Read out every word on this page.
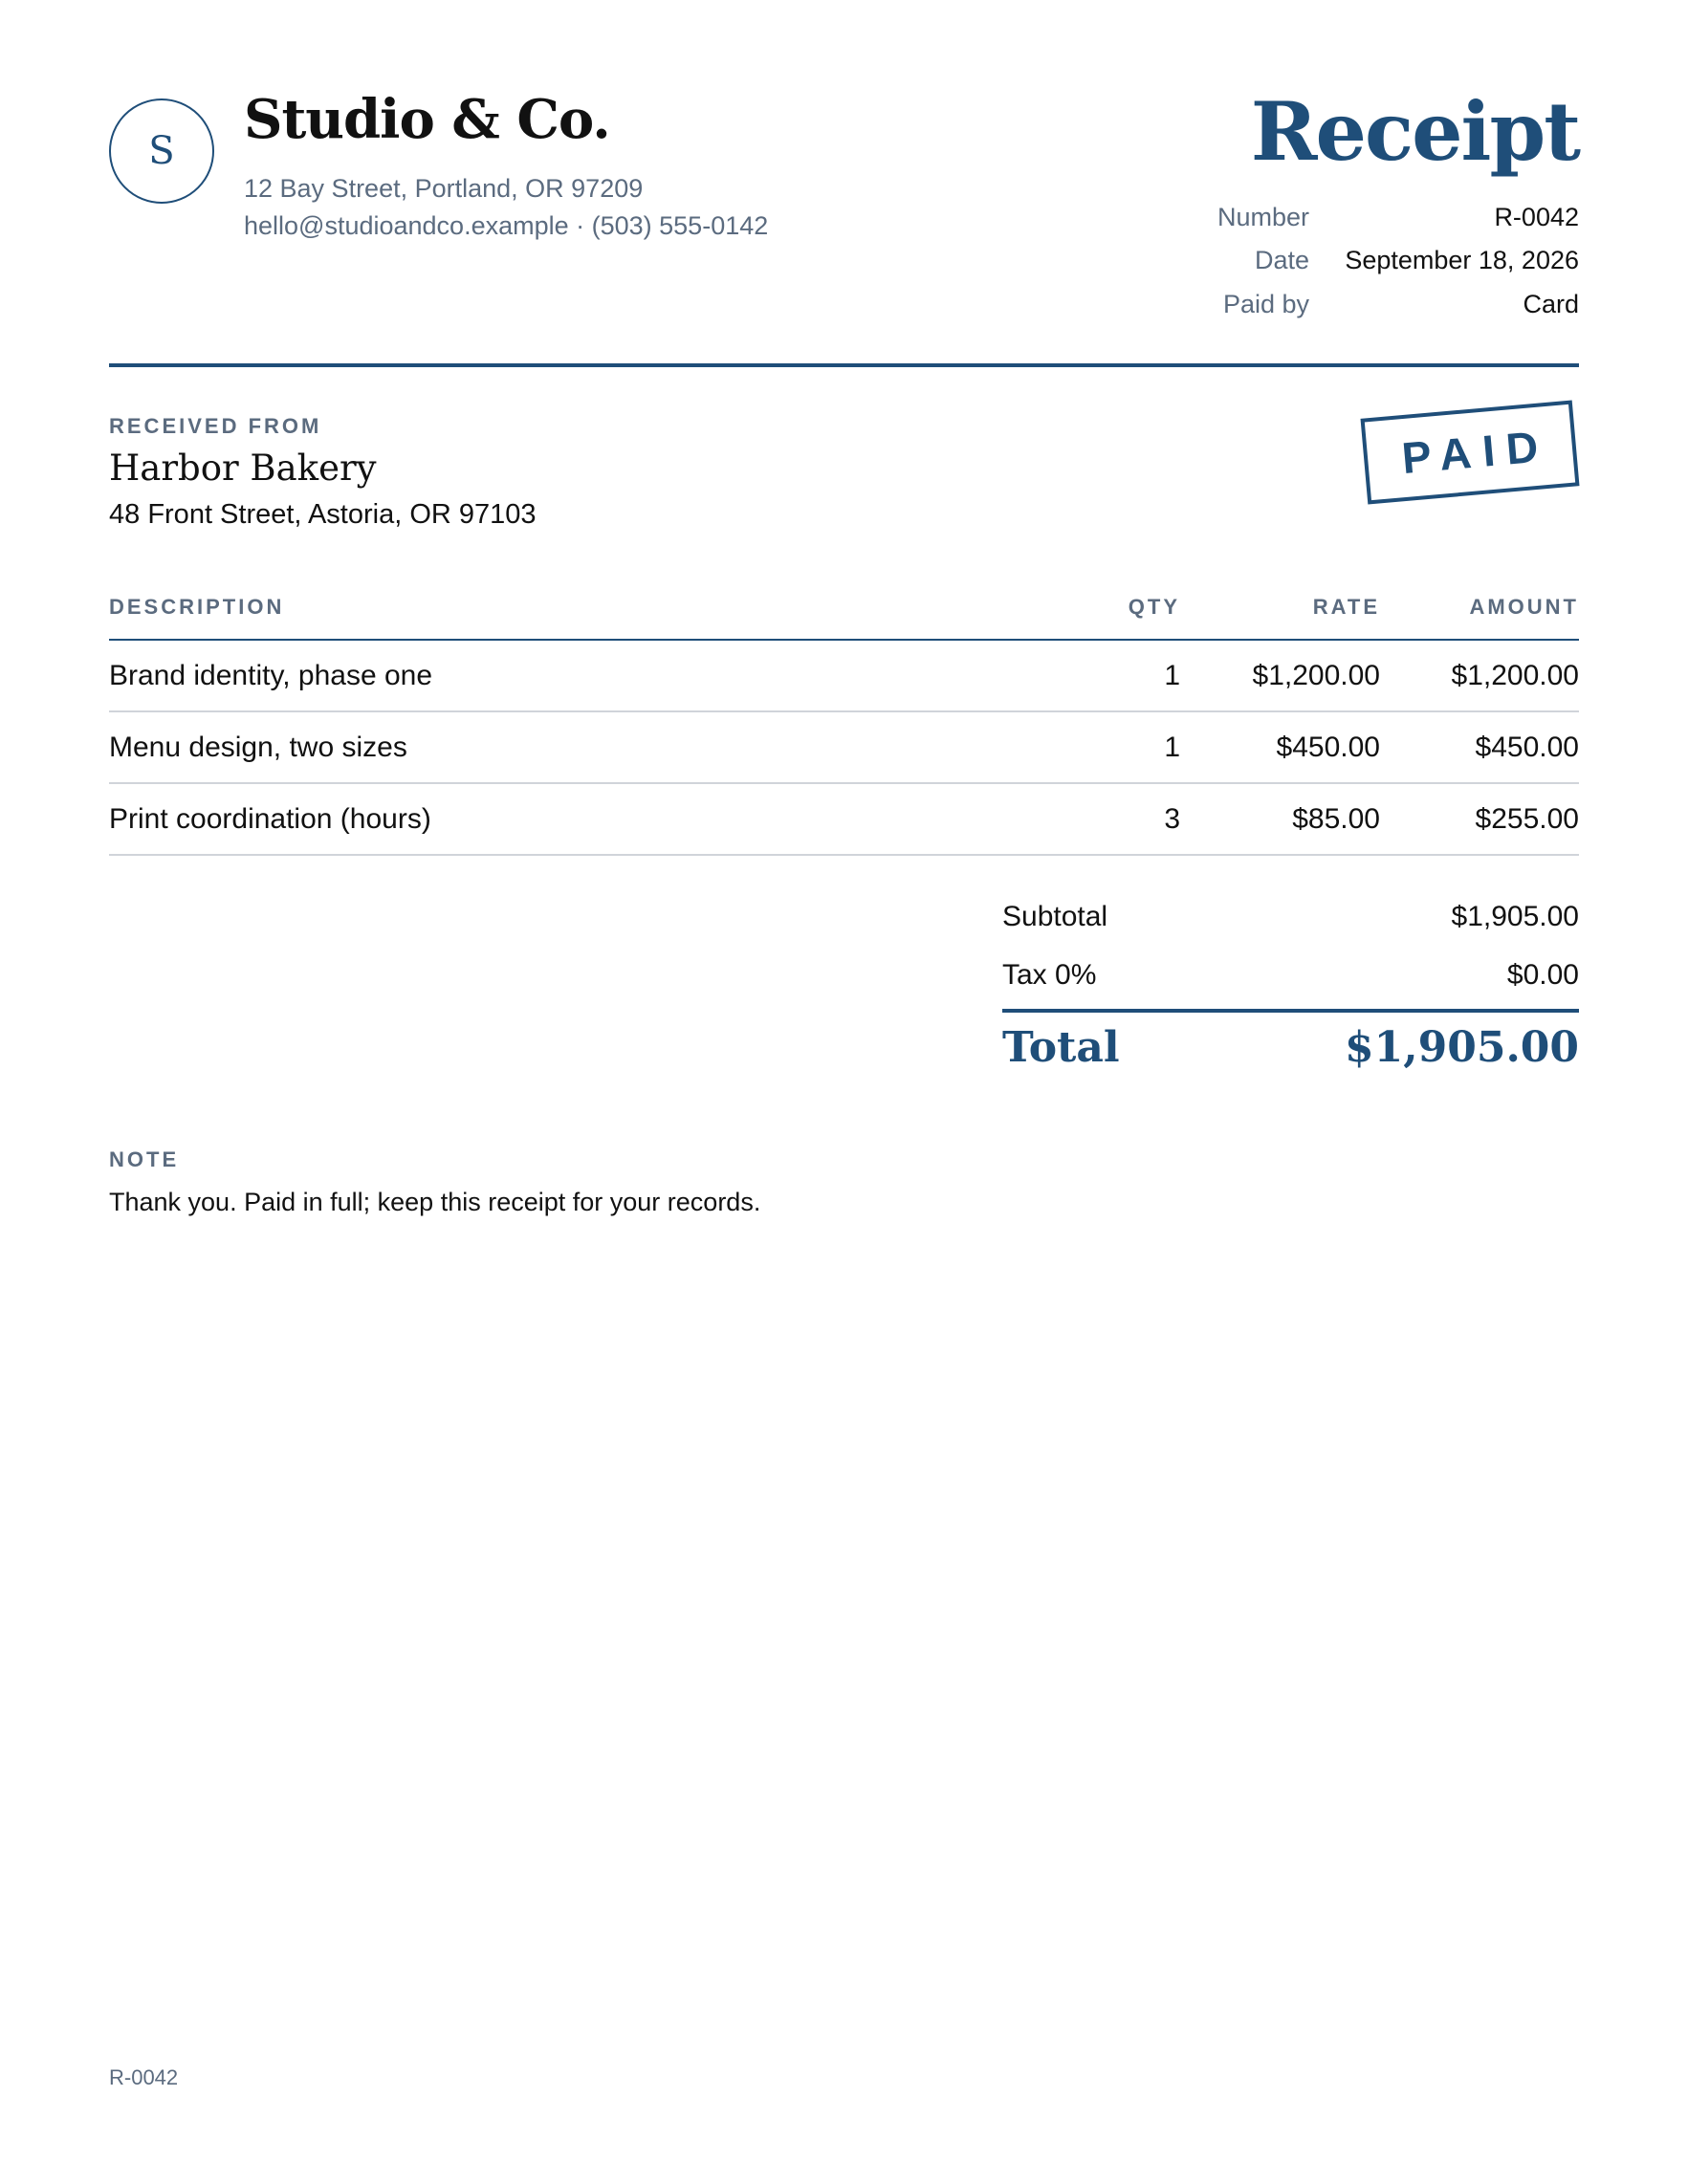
S Studio & Co.
12 Bay Street, Portland, OR 97209
hello@studioandco.example · (503) 555-0142
Receipt
Number	R-0042
Date September 18, 2026
Paid by	Card
RECEIVED FROM
Harbor Bakery
48 Front Street, Astoria, OR 97103
PAID
DESCRIPTION	QTY	RATE	AMOUNT
Brand identity, phase one	1	$1,200.00 $1,200.00
Menu design, two sizes	1	$450.00	$450.00
Print coordination (hours)	3	$85.00	$255.00
Subtotal	$1,905.00
Tax 0%	$0.00
Total	$1,905.00
NOTE
Thank you. Paid in full; keep this receipt for your records.
R-0042
